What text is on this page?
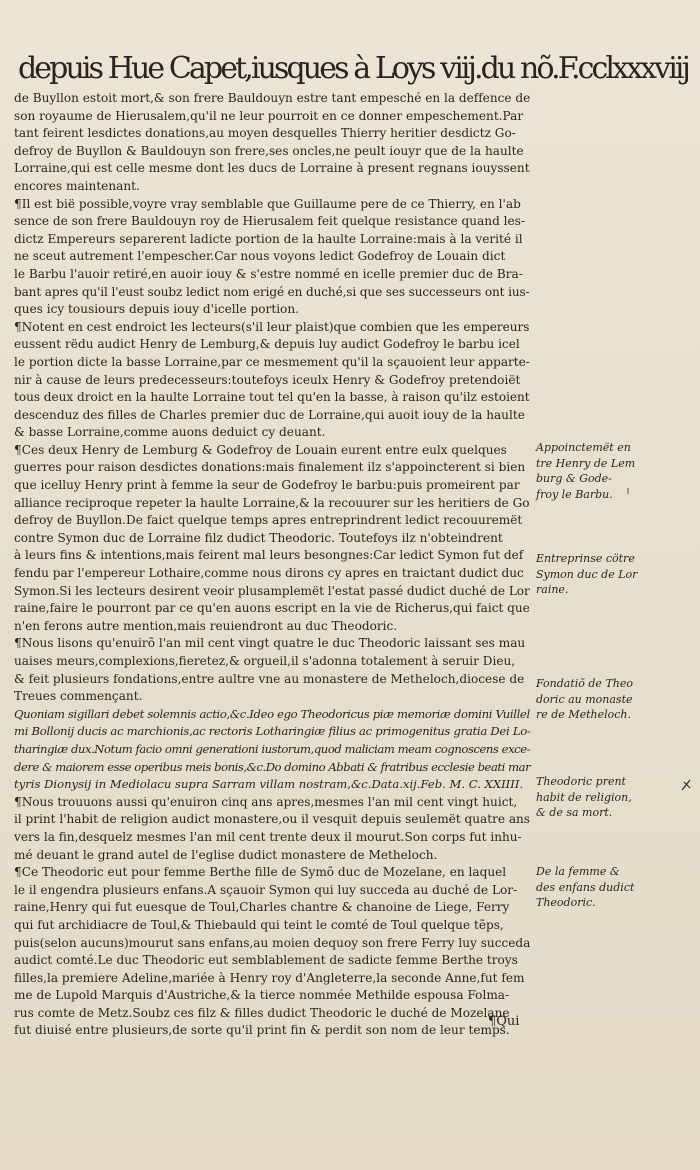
depuis Hue Capet,iusques à Loys viij.du nõ.F.cclxxxviij
de Buyllon estoit mort,& son frere Bauldouyn estre tant empesché en la deffence de
son royaume de Hierusalem,qu'il ne leur pourroit en ce donner empeschement.Par
tant feirent lesdictes donations,au moyen desquelles Thierry heritier desdictz Go-
defroy de Buyllon & Bauldouyn son frere,ses oncles,ne peult iouyr que de la haulte
Lorraine,qui est celle mesme dont les ducs de Lorraine à present regnans iouyssent
encores maintenant.
¶Il est bië possible,voyre vray semblable que Guillaume pere de ce Thierry, en l'ab
sence de son frere Bauldouyn roy de Hierusalem feit quelque resistance quand les-
dictz Empereurs separerent ladicte portion de la haulte Lorraine:mais à la verité il
ne sceut autrement l'empescher.Car nous voyons ledict Godefroy de Louain dict
le Barbu l'auoir retiré,en auoir iouy & s'estre nommé en icelle premier duc de Bra-
bant apres qu'il l'eust soubz ledict nom erigé en duché,si que ses successeurs ont ius-
ques icy tousiours depuis iouy d'icelle portion.
¶Notent en cest endroict les lecteurs(s'il leur plaist)que combien que les empereurs
eussent rëdu audict Henry de Lemburg,& depuis luy audict Godefroy le barbu icel
le portion dicte la basse Lorraine,par ce mesmement qu'il la sçauoient leur apparte-
nir à cause de leurs predecesseurs:toutefoys iceulx Henry & Godefroy pretendoiët
tous deux droict en la haulte Lorraine tout tel qu'en la basse, à raison qu'ilz estoient
descenduz des filles de Charles premier duc de Lorraine,qui auoit iouy de la haulte
& basse Lorraine,comme auons deduict cy deuant.
¶Ces deux Henry de Lemburg & Godefroy de Louain eurent entre eulx quelques
guerres pour raison desdictes donations:mais finalement ilz s'appoincterent si bien
que icelluy Henry print à femme la seur de Godefroy le barbu:puis promeirent par
alliance reciproque repeter la haulte Lorraine,& la recouurer sur les heritiers de Go
defroy de Buyllon.De faict quelque temps apres entreprindrent ledict recouuremët
contre Symon duc de Lorraine filz dudict Theodoric. Toutefoys ilz n'obteindrent
à leurs fins & intentions,mais feirent mal leurs besongnes:Car ledict Symon fut def
fendu par l'empereur Lothaire,comme nous dirons cy apres en traictant dudict duc
Symon.Si les lecteurs desirent veoir plusamplemët l'estat passé dudict duché de Lor
raine,faire le pourront par ce qu'en auons escript en la vie de Richerus,qui faict que
n'en ferons autre mention,mais reuiendront au duc Theodoric.
¶Nous lisons qu'enuirõ l'an mil cent vingt quatre le duc Theodoric laissant ses mau
uaises meurs,complexions,fieretez,& orgueil,il s'adonna totalement à seruir Dieu,
& feit plusieurs fondations,entre aultre vne au monastere de Metheloch,diocese de
Treues commençant.
Quoniam sigillari debet solemnis actio,&c.Ideo ego Theodoricus piæ memoriæ domini Vuillel
mi Bollonij ducis ac marchionis,ac rectoris Lotharingiæ filius ac primogenitus gratia Dei Lo-
tharingiæ dux.Notum facio omni generationi iustorum,quod maliciam meam cognoscens exce-
dere & maiorem esse operibus meis bonis,&c.Do domino Abbati & fratribus ecclesie beati mar
tyris Dionysij in Mediolacu supra Sarram villam nostram,&c.Data.xij.Feb. M. C. XXIIII.
¶Nous trouuons aussi qu'enuiron cinq ans apres,mesmes l'an mil cent vingt huict,
il print l'habit de religion audict monastere,ou il vesquit depuis seulemët quatre ans
vers la fin,desquelz mesmes l'an mil cent trente deux il mourut.Son corps fut inhu-
mé deuant le grand autel de l'eglise dudict monastere de Metheloch.
¶Ce Theodoric eut pour femme Berthe fille de Symõ duc de Mozelane, en laquel
le il engendra plusieurs enfans.A sçauoir Symon qui luy succeda au duché de Lor-
raine,Henry qui fut euesque de Toul,Charles chantre & chanoine de Liege, Ferry
qui fut archidiacre de Toul,& Thiebauld qui teint le comté de Toul quelque tẽps,
puis(selon aucuns)mourut sans enfans,au moien dequoy son frere Ferry luy succeda
audict comté.Le duc Theodoric eut semblablement de sadicte femme Berthe troys
filles,la premiere Adeline,mariée à Henry roy d'Angleterre,la seconde Anne,fut fem
me de Lupold Marquis d'Austriche,& la tierce nommée Methilde espousa Folma-
rus comte de Metz.Soubz ces filz & filles dudict Theodoric le duché de Mozelane
fut diuisé entre plusieurs,de sorte qu'il print fin & perdit son nom de leur temps.
¶Qui
Appoinctemët en
tre Henry de Lem
burg & Gode-
froy le Barbu.
Entreprinse cötre
Symon duc de Lor
raine.
Fondatiõ de Theo
doric au monaste
re de Metheloch.
Theodoric prent
habit de religion,
& de sa mort.
De la femme &
des enfans dudict
Theodoric.
